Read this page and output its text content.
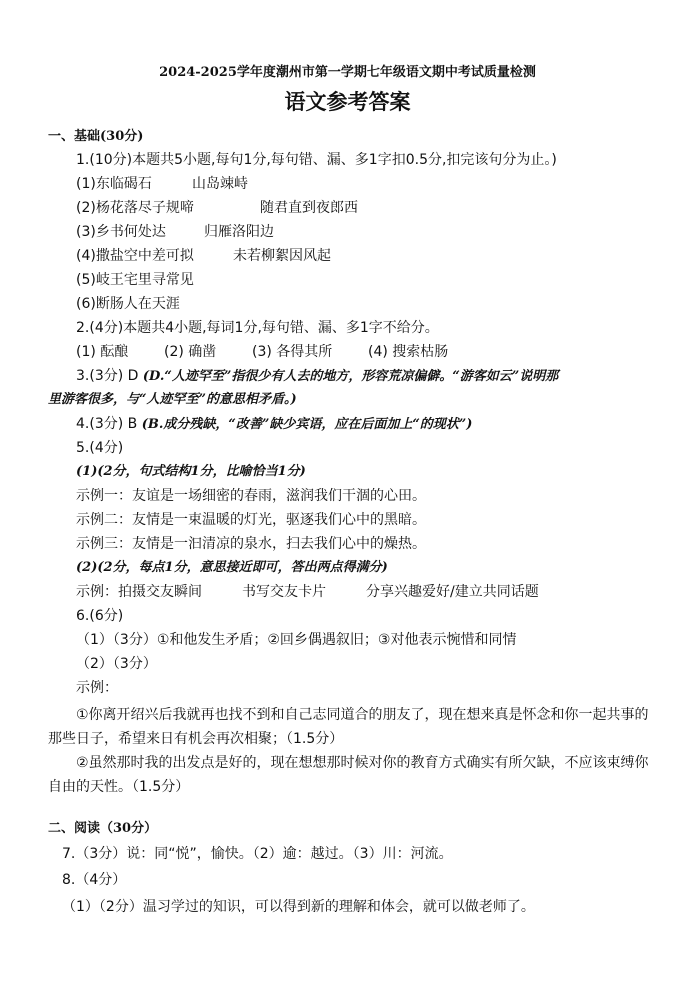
2024-2025学年度潮州市第一学期七年级语文期中考试质量检测
语文参考答案
一、基础(30分)
1.(10分)本题共5小题,每句1分,每句错、漏、多1字扣0.5分,扣完该句分为止。)
(1)东临碣石	山岛竦峙
(2)杨花落尽子规啼	随君直到夜郎西
(3)乡书何处达	归雁洛阳边
(4)撒盐空中差可拟	未若柳絮因风起
(5)岐王宅里寻常见
(6)断肠人在天涯
2.(4分)本题共4小题,每词1分,每句错、漏、多1字不给分。
(1) 酝酿	(2) 确凿	(3) 各得其所	(4) 搜索枯肠
3.(3分) D (D.“人迹罕至”指很少有人去的地方，形容荒凉偏僻。“游客如云”说明那
里游客很多，与“人迹罕至”的意思相矛盾。)
4.(3分) B (B.成分残缺，“改善”缺少宾语，应在后面加上“的现状”)
5.(4分)
(1)(2分，句式结构1分，比喻恰当1分)
示例一：友谊是一场细密的春雨，滋润我们干涸的心田。
示例二：友情是一束温暖的灯光，驱逐我们心中的黑暗。
示例三：友情是一汩清凉的泉水，扫去我们心中的燥热。
(2)(2分，每点1分，意思接近即可，答出两点得满分)
示例：拍摄交友瞬间	书写交友卡片	分享兴趣爱好/建立共同话题
6.(6分)
（1）（3分）①和他发生矛盾；②回乡偶遇叙旧；③对他表示惋惜和同情
（2）（3分）
示例：
①你离开绍兴后我就再也找不到和自己志同道合的朋友了，现在想来真是怀念和你一起共事的那些日子，希望来日有机会再次相聚；（1.5分）
②虽然那时我的出发点是好的，现在想想那时候对你的教育方式确实有所欠缺，不应该束缚你自由的天性。（1.5分）
二、阅读（30分）
7.（3分）说：同“悦”，愉快。（2）逾：越过。（3）川：河流。
8.（4分）
（1）（2分）温习学过的知识，可以得到新的理解和体会，就可以做老师了。
